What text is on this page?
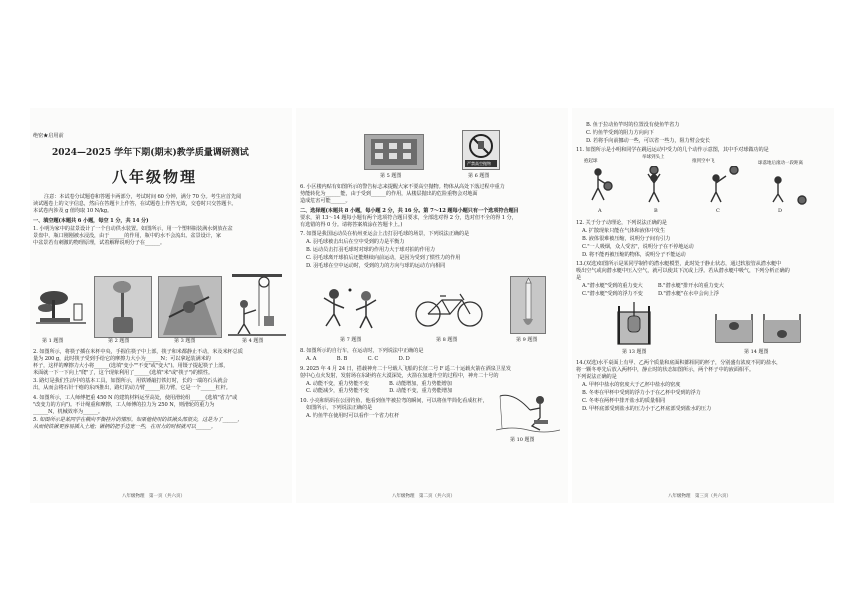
绝密★启用前
2024—2025 学年下期(期末)教学质量调研测试
八年级物理
注意：本试卷分试题卷和答题卡两部分，考试时间 60 分钟，满分 70 分。考生应首先阅
读试题卷上的文字信息，然后在答题卡上作答，在试题卷上作答无效，交卷时只交答题卡。
本试卷内涉及 g 值均取 10 N/kg。
一、填空题(本题共 6 小题，每空 1 分，共 14 分)
1. 小明为家中的盆景设计了一个自动供水装置。如图所示，用一个塑料瓶装满水倒放在盆
景盘中，瓶口刚刚被水浸没，由于______的作用，瓶中的水不会流出。盆景设计，家
中盆景若有刺激的物理原理，试着解释说明分子在______。
第 1 题图	第 2 题图	第 3 题图	第 4 题图
2. 如图所示，将筷子插在米杯中央，手握住筷子中上部，筷子和米都静止不动，米及米杯总质
量为 200 g，此时筷子受到手给它的摩擦力大小为______N；可以拿起装满米的
杯子，这样的摩擦力大小将______(选填"变小""不变"或"变大")。用镊子提起筷子上部，
米面就一下一下向上"爬"了，这个现象利用了______(选填"米"或"筷子")的惯性。
3. 路灯是我们生活中的基本工具，如图所示，用铁锤敲打铁钉时，长的一端的石头就会
出，从而会将石针干瘪的东西推出，路灯的动力臂______阻力臂，它是一个______杠杆。
4. 如图所示，工人师傅把重 450 N 的建筑材料运至高处，使用滑轮组______(选填"省力"或
"改变力的方向")。不计绳重和摩擦，工人师傅的拉力为 250 N，则滑轮的重力为
______N，机械效率为______。
5. 如图所示是某同学在横向平衡挂片的情形。如果他使用的铁锹头部很尖，这是为了______，
从而使铁锹更容易插入土地；锹柄的把手边宽一些，在用力的时候就可以______。
八年级物理　第一页（共六页）
严禁高空抛物
第 5 题图	第 6 题图
6. 小区楼内贴有如图所示的警告标志来提醒大家不要高空抛物。物体从高处下落过程中重力
势能转化为______能，由于受到______的作用，从楼层抛出的危险重物会对地面
造成危害可能______。
二、选择题(本题共 8 小题，每小题 2 分，共 16 分。第 7～12 题每小题只有一个选项符合题目
要求，第 13～14 题每小题有两个选项符合题目要求，全部选对得 2 分，选对但不全的得 1 分，
有选错的得 0 分。请将答案填涂在答题卡上。)
7. 如图是我国运动员在杭州亚运会上击打羽毛球的场景，下列说法正确的是
A. 羽毛球被击出后在空中受到的力是平衡力
B. 运动员击打羽毛球时对球的作用力大于球对拍的作用力
C. 羽毛球离开球拍后还能继续向前运动，是因为受到了惯性力的作用
D. 羽毛球在空中运动时，受到的力的方向与球的运动方向相同
第 7 题图	第 8 题图	第 9 题图
8. 如图所示的自行车，在运动时，下列说法中正确的是
A. A　　　　B. B　　　　C. C　　　　D. D
9. 2025 年 4 月 24 日，搭载神舟二十号载人飞船的长征二号 F 遥二十运载火箭在酒泉卫星发
射中心点火发射，发射场在东距约在大漠深处，火箭在加速升空的过程中，神舟二十号的
A. 动能不变，重力势能不变　　　　B. 动能增加，重力势能增加
C. 动能减少，重力势能不变　　　　D. 动能不变，重力势能增加
10. 小亮和妈妈在公园钓鱼，他看到鱼竿被拉弯的瞬间，可以将鱼竿简化看成杠杆，
如图所示，下列说法正确的是
A. 钓鱼竿在使用时可以看作一个省力杠杆
第 10 题图
八年级物理　第二页（共六页）
B. 鱼于拉动鱼竿时的位置没有使鱼竿省力
C. 钓鱼竿受到的阻力方向向下
D. 若将手向前挪动一些，可以省一些力，阻力臂会变长
11. 如图所示是小明和同学在跳远运动中受力的几个动作示意图，其中手对球做功的是
抱起球
举球到头上
推到空中飞	球落地后滚动一段距离
A	B	C	D
12. 关于分子动理论，下列说法正确的是
A. 扩散现象只能在气体和液体中发生
B. 液体很难被压缩，说明分子间有引力
C."一人吸烟，众人受害"，说明分子在不停地运动
D. 将不能再被压缩的物体，说明分子不能运动
13.(双选)如图所示是某同学制作的潜水艇模型，此时处于静止状态，通过软胶管从潜水艇中
吸出空气或向潜水艇中压入空气，就可以使其下沉或上浮。若从潜水艇中吸气，下列分析正确的
是
A."潜水艇"受到的重力变大　　　B."潜水艇"排开水的重力变大
C."潜水艇"受到的浮力不变　　　D."潜水艇"在水中会向上浮
第 13 题图	第 14 题图
14.(双选)水平桌面上有甲、乙两个质量和底面积都相同的杯子，分别盛有浓度不同的盐水，
将一颗冬枣先后放入两杯中，静止时的状态如图所示，两个杯子中的液面相平。
下列说法正确的是
A. 甲杯中盐水的密度大于乙杯中盐水的密度
B. 冬枣在甲杯中受到的浮力小于在乙杯中受到的浮力
C. 冬枣在两杯中排开盐水的质量相同
D. 甲杯底部受到盐水的压力小于乙杯底部受到盐水的压力
八年级物理　第三页（共六页）
